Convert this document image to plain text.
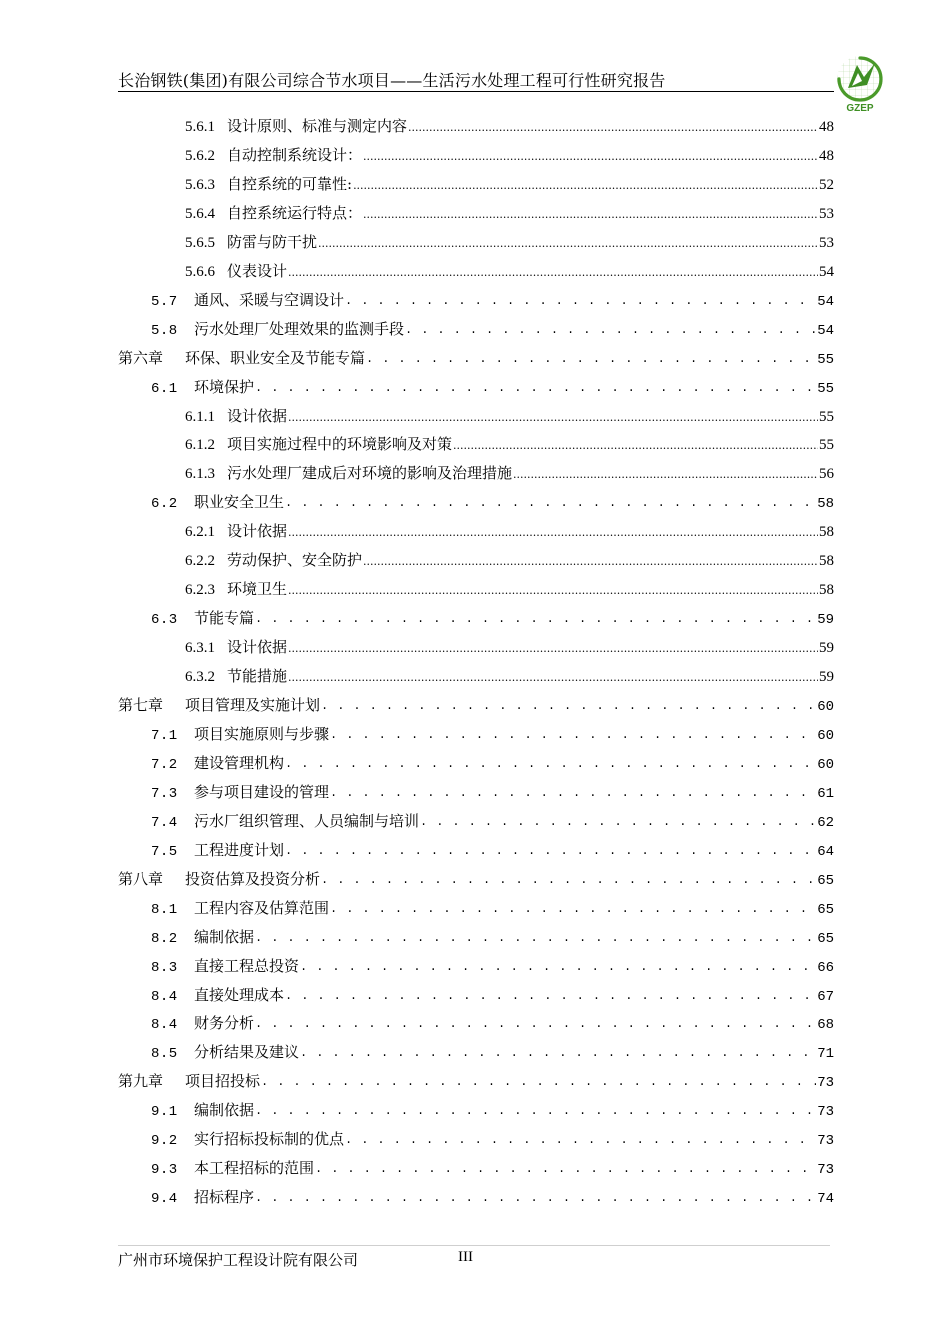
长治钢铁(集团)有限公司综合节水项目——生活污水处理工程可行性研究报告
GZEP
5.6.1 设计原则、标准与测定内容 .....	48
5.6.2 自动控制系统设计： .....	48
5.6.3 自控系统的可靠性: .....	52
5.6.4 自控系统运行特点： .....	53
5.6.5 防雷与防干扰 .....	53
5.6.6 仪表设计 .....	54
5.7	通风、采暖与空调设计 . . .	54
5.8	污水处理厂处理效果的监测手段 . . .	54
第六章	环保、职业安全及节能专篇 . . .	55
6.1	环境保护 . . .	55
6.1.1 设计依据 .....	55
6.1.2 项目实施过程中的环境影响及对策 .....	55
6.1.3 污水处理厂建成后对环境的影响及治理措施 .....	56
6.2	职业安全卫生 . . .	58
6.2.1 设计依据 .....	58
6.2.2 劳动保护、安全防护 .....	58
6.2.3 环境卫生 .....	58
6.3	节能专篇 . . .	59
6.3.1 设计依据 .....	59
6.3.2 节能措施 .....	59
第七章	项目管理及实施计划 . . .	60
7.1	项目实施原则与步骤 . . .	60
7.2	建设管理机构 . . .	60
7.3	参与项目建设的管理 . . .	61
7.4	污水厂组织管理、人员编制与培训 . . .	62
7.5	工程进度计划 . . .	64
第八章	投资估算及投资分析 . . .	65
8.1	工程内容及估算范围 . . .	65
8.2	编制依据 . . .	65
8.3	直接工程总投资 . . .	66
8.4	直接处理成本 . . .	67
8.4	财务分析 . . .	68
8.5	分析结果及建议 . . .	71
第九章	项目招投标 . . .	73
9.1	编制依据 . . .	73
9.2	实行招标投标制的优点 . . .	73
9.3	本工程招标的范围 . . .	73
9.4	招标程序 . . .	74
广州市环境保护工程设计院有限公司	III
